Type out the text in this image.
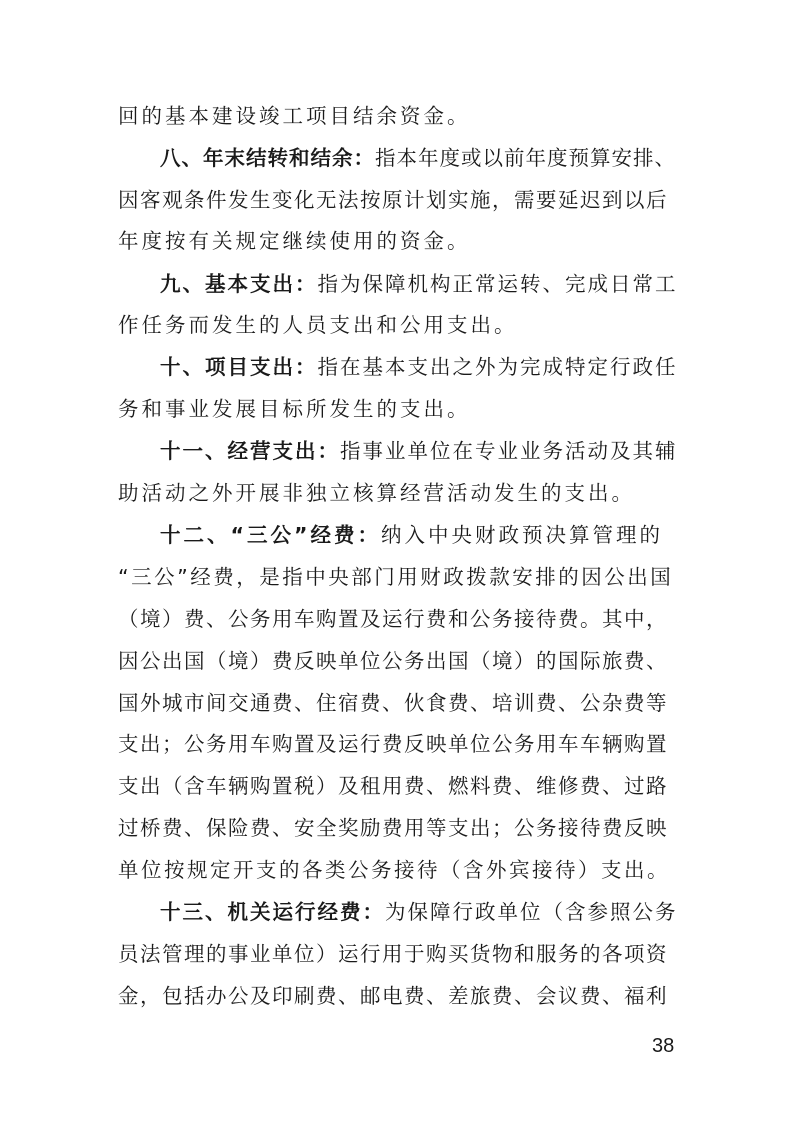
回的基本建设竣工项目结余资金。
八、年末结转和结余：指本年度或以前年度预算安排、
因客观条件发生变化无法按原计划实施，需要延迟到以后
年度按有关规定继续使用的资金。
九、基本支出：指为保障机构正常运转、完成日常工
作任务而发生的人员支出和公用支出。
十、项目支出：指在基本支出之外为完成特定行政任
务和事业发展目标所发生的支出。
十一、经营支出：指事业单位在专业业务活动及其辅
助活动之外开展非独立核算经营活动发生的支出。
十二、“三公”经费：纳入中央财政预决算管理的
“三公”经费，是指中央部门用财政拨款安排的因公出国
（境）费、公务用车购置及运行费和公务接待费。其中，
因公出国（境）费反映单位公务出国（境）的国际旅费、
国外城市间交通费、住宿费、伙食费、培训费、公杂费等
支出；公务用车购置及运行费反映单位公务用车车辆购置
支出（含车辆购置税）及租用费、燃料费、维修费、过路
过桥费、保险费、安全奖励费用等支出；公务接待费反映
单位按规定开支的各类公务接待（含外宾接待）支出。
十三、机关运行经费：为保障行政单位（含参照公务
员法管理的事业单位）运行用于购买货物和服务的各项资
金，包括办公及印刷费、邮电费、差旅费、会议费、福利
38
